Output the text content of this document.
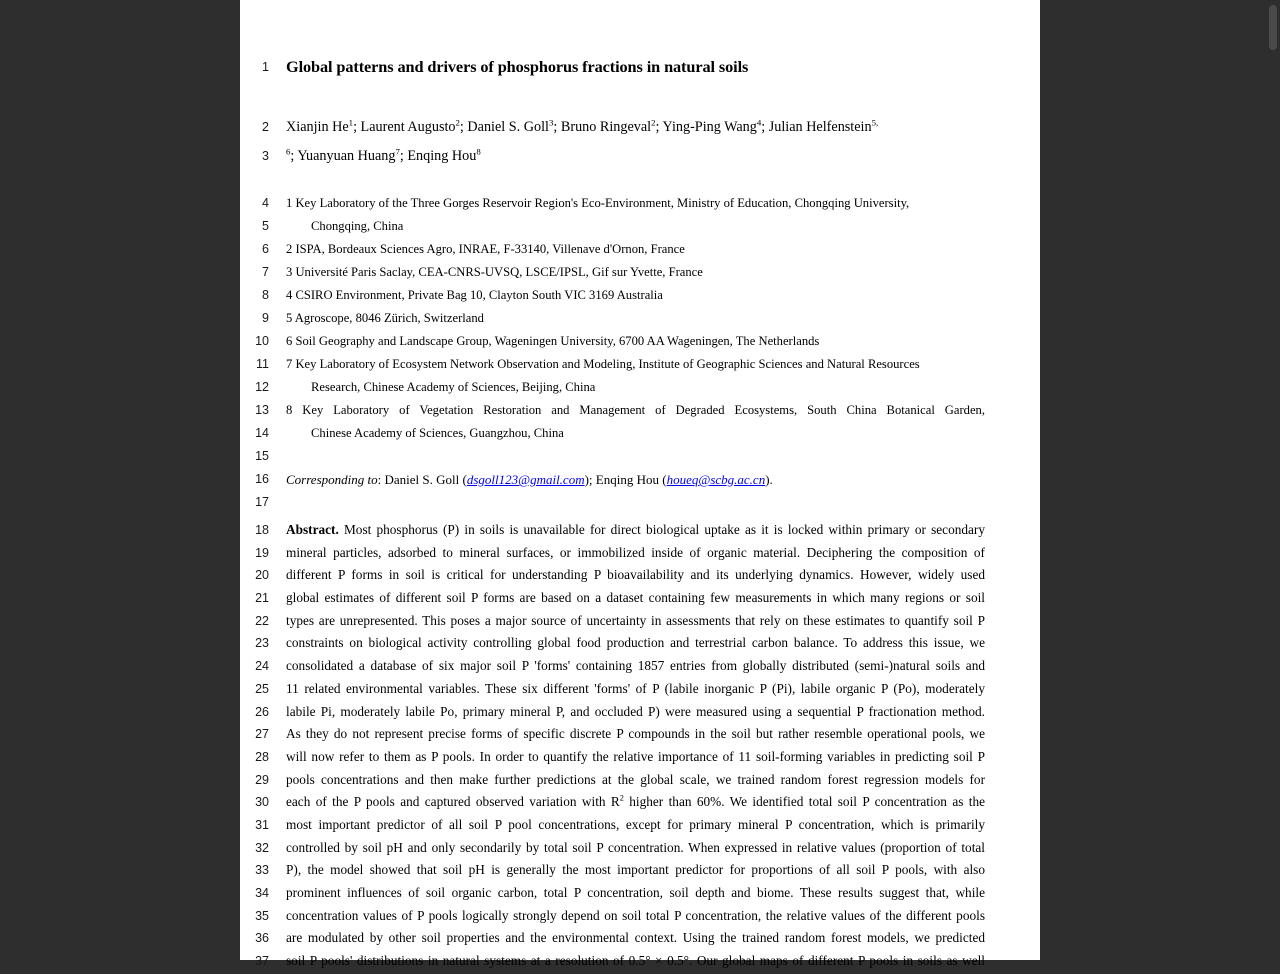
1	Global patterns and drivers of phosphorus fractions in natural soils
2	Xianjin He$^1$; Laurent Augusto$^2$; Daniel S. Goll$^3$; Bruno Ringeval$^2$; Ying-Ping Wang$^4$; Julian Helfenstein$^{5,}$
3	$^6$; Yuanyuan Huang$^7$; Enqing Hou$^8$
4	1 Key Laboratory of the Three Gorges Reservoir Region's Eco-Environment, Ministry of Education, Chongqing University,
5	Chongqing, China
6	2 ISPA, Bordeaux Sciences Agro, INRAE, F-33140, Villenave d'Ornon, France
7	3 Université Paris Saclay, CEA-CNRS-UVSQ, LSCE/IPSL, Gif sur Yvette, France
8	4 CSIRO Environment, Private Bag 10, Clayton South VIC 3169 Australia
9	5 Agroscope, 8046 Zürich, Switzerland
10	6 Soil Geography and Landscape Group, Wageningen University, 6700 AA Wageningen, The Netherlands
11	7 Key Laboratory of Ecosystem Network Observation and Modeling, Institute of Geographic Sciences and Natural Resources
12	Research, Chinese Academy of Sciences, Beijing, China
13	8 Key Laboratory of Vegetation Restoration and Management of Degraded Ecosystems, South China Botanical Garden,
14	Chinese Academy of Sciences, Guangzhou, China
15
16	Corresponding to: Daniel S. Goll (dsgoll123@gmail.com); Enqing Hou (houeq@scbg.ac.cn).
17
18	Abstract. Most phosphorus (P) in soils is unavailable for direct biological uptake as it is locked within primary or secondary
19	mineral particles, adsorbed to mineral surfaces, or immobilized inside of organic material. Deciphering the composition of
20	different P forms in soil is critical for understanding P bioavailability and its underlying dynamics. However, widely used
21	global estimates of different soil P forms are based on a dataset containing few measurements in which many regions or soil
22	types are unrepresented. This poses a major source of uncertainty in assessments that rely on these estimates to quantify soil P
23	constraints on biological activity controlling global food production and terrestrial carbon balance. To address this issue, we
24	consolidated a database of six major soil P 'forms' containing 1857 entries from globally distributed (semi-)natural soils and
25	11 related environmental variables. These six different 'forms' of P (labile inorganic P (Pi), labile organic P (Po), moderately
26	labile Pi, moderately labile Po, primary mineral P, and occluded P) were measured using a sequential P fractionation method.
27	As they do not represent precise forms of specific discrete P compounds in the soil but rather resemble operational pools, we
28	will now refer to them as P pools. In order to quantify the relative importance of 11 soil-forming variables in predicting soil P
29	pools concentrations and then make further predictions at the global scale, we trained random forest regression models for
30	each of the P pools and captured observed variation with $R^2$ higher than 60%. We identified total soil P concentration as the
31	most important predictor of all soil P pool concentrations, except for primary mineral P concentration, which is primarily
32	controlled by soil pH and only secondarily by total soil P concentration. When expressed in relative values (proportion of total
33	P), the model showed that soil pH is generally the most important predictor for proportions of all soil P pools, with also
34	prominent influences of soil organic carbon, total P concentration, soil depth and biome. These results suggest that, while
35	concentration values of P pools logically strongly depend on soil total P concentration, the relative values of the different pools
36	are modulated by other soil properties and the environmental context. Using the trained random forest models, we predicted
37	soil P pools' distributions in natural systems at a resolution of 0.5° × 0.5°. Our global maps of different P pools in soils as well
